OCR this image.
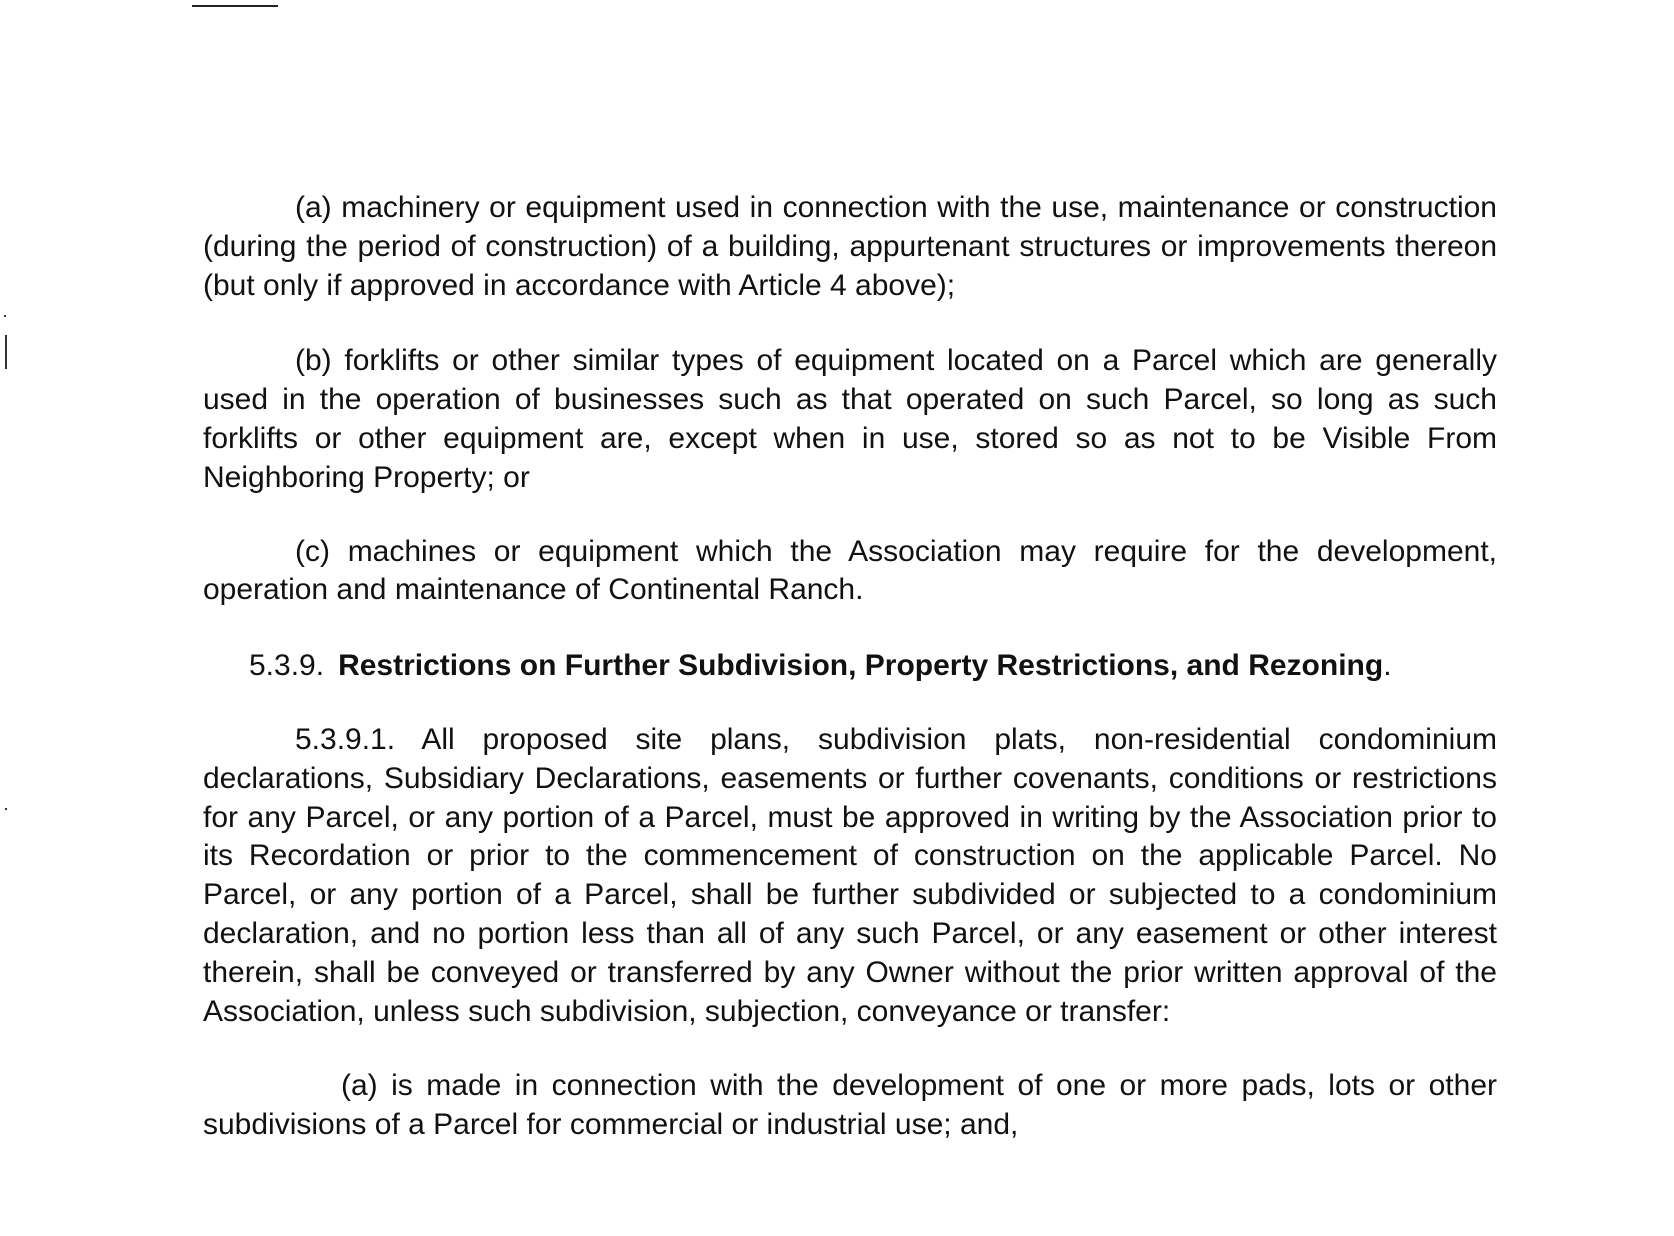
(a) machinery or equipment used in connection with the use, maintenance or construction (during the period of construction) of a building, appurtenant structures or improvements thereon (but only if approved in accordance with Article 4 above);

(b) forklifts or other similar types of equipment located on a Parcel which are generally used in the operation of businesses such as that operated on such Parcel, so long as such forklifts or other equipment are, except when in use, stored so as not to be Visible From Neighboring Property; or

(c) machines or equipment which the Association may require for the development, operation and maintenance of Continental Ranch.

5.3.9. Restrictions on Further Subdivision, Property Restrictions, and Rezoning.

5.3.9.1. All proposed site plans, subdivision plats, non-residential condominium declarations, Subsidiary Declarations, easements or further covenants, conditions or restrictions for any Parcel, or any portion of a Parcel, must be approved in writing by the Association prior to its Recordation or prior to the commencement of construction on the applicable Parcel. No Parcel, or any portion of a Parcel, shall be further subdivided or subjected to a condominium declaration, and no portion less than all of any such Parcel, or any easement or other interest therein, shall be conveyed or transferred by any Owner without the prior written approval of the Association, unless such subdivision, subjection, conveyance or transfer:

(a) is made in connection with the development of one or more pads, lots or other subdivisions of a Parcel for commercial or industrial use; and,
